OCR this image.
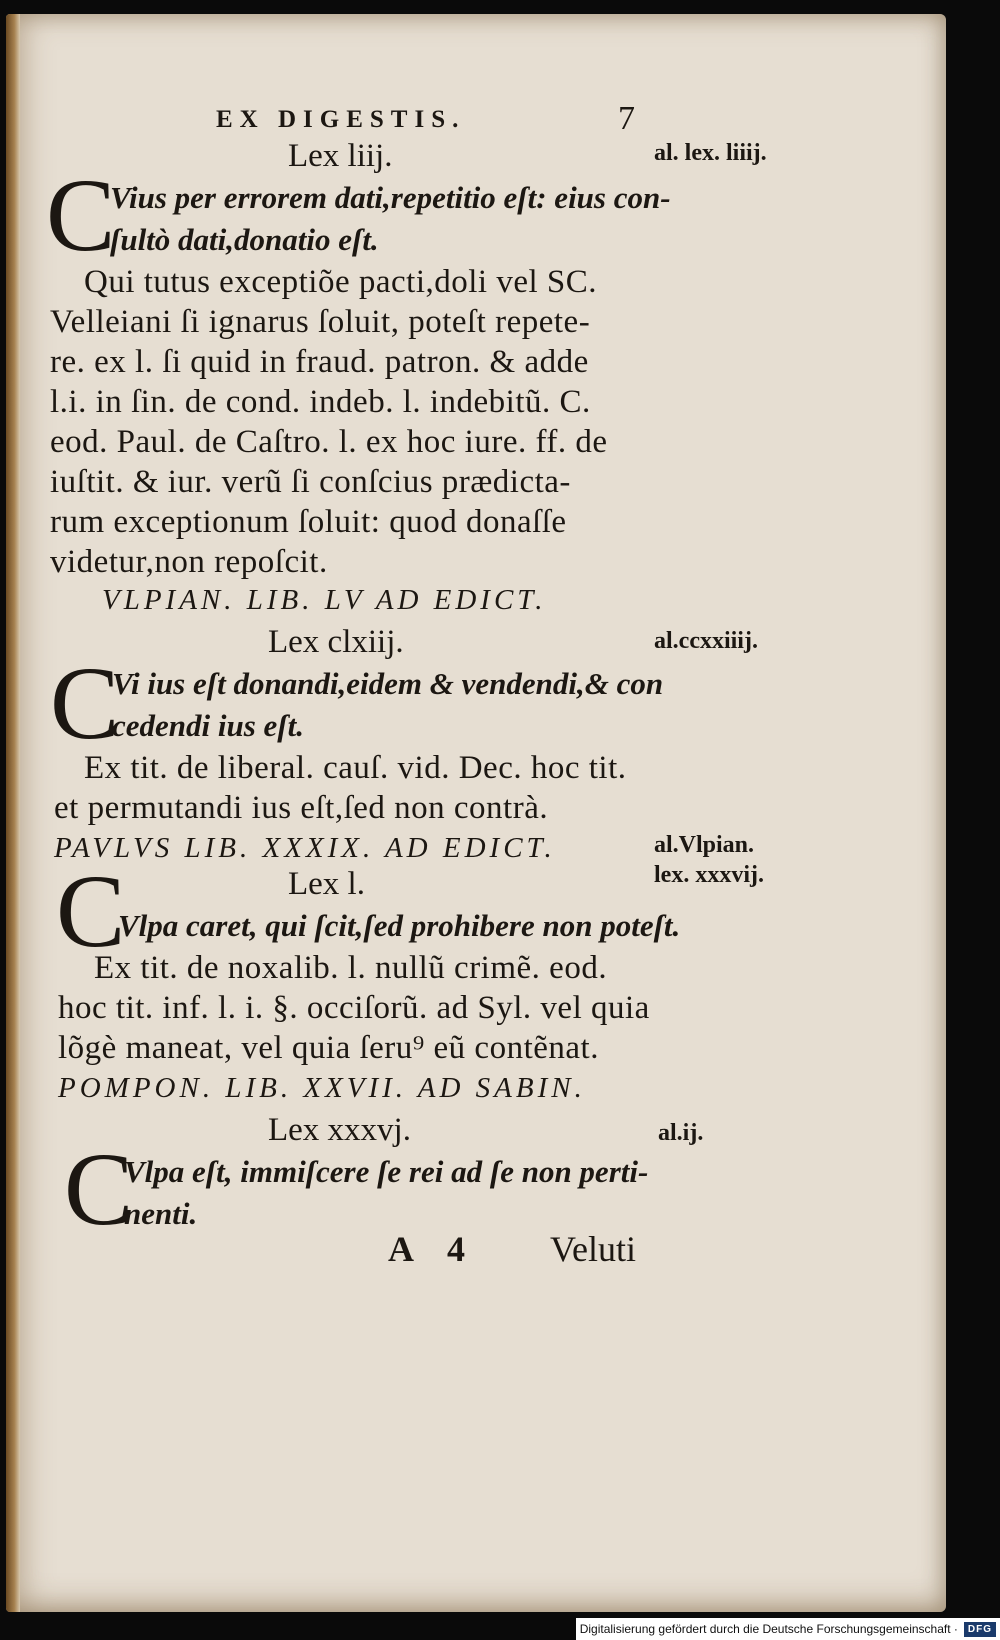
EX DIGESTIS.	7
Lex liij.	al. lex. liiij.
C
Vius per errorem dati,repetitio eſt: eius con-
ſultò dati,donatio eſt.
Qui tutus exceptiõe pacti,doli vel SC.
Velleiani ſi ignarus ſoluit, poteſt repete-
re. ex l. ſi quid in fraud. patron. & adde
l.i. in ſin. de cond. indeb. l. indebitũ. C.
eod. Paul. de Caſtro. l. ex hoc iure. ff. de
iuſtit. & iur. verũ ſi conſcius prædicta-
rum exceptionum ſoluit: quod donaſſe
videtur,non repoſcit.
VLPIAN. LIB. LV AD EDICT.
Lex clxiij.	al.ccxxiiij.
C
Vi ius eſt donandi,eidem & vendendi,& con
cedendi ius eſt.
Ex tit. de liberal. cauſ. vid. Dec. hoc tit.
et permutandi ius eſt,ſed non contrà.
PAVLVS LIB. XXXIX. AD EDICT.	al.Vlpian.
lex. xxxvij.
C	Lex l.
Vlpa caret, qui ſcit,ſed prohibere non poteſt.
Ex tit. de noxalib. l. nullũ crimẽ. eod.
hoc tit. inf. l. i. §. occiſorũ. ad Syl. vel quia
lõgè maneat, vel quia ſeru⁹ eũ contẽnat.
POMPON. LIB. XXVII. AD SABIN.
Lex xxxvj.	al.ij.
C
Vlpa eſt, immiſcere ſe rei ad ſe non perti-
nenti.
A 4 Veluti
Digitalisierung gefördert durch die Deutsche Forschungsgemeinschaft ·	DFG
